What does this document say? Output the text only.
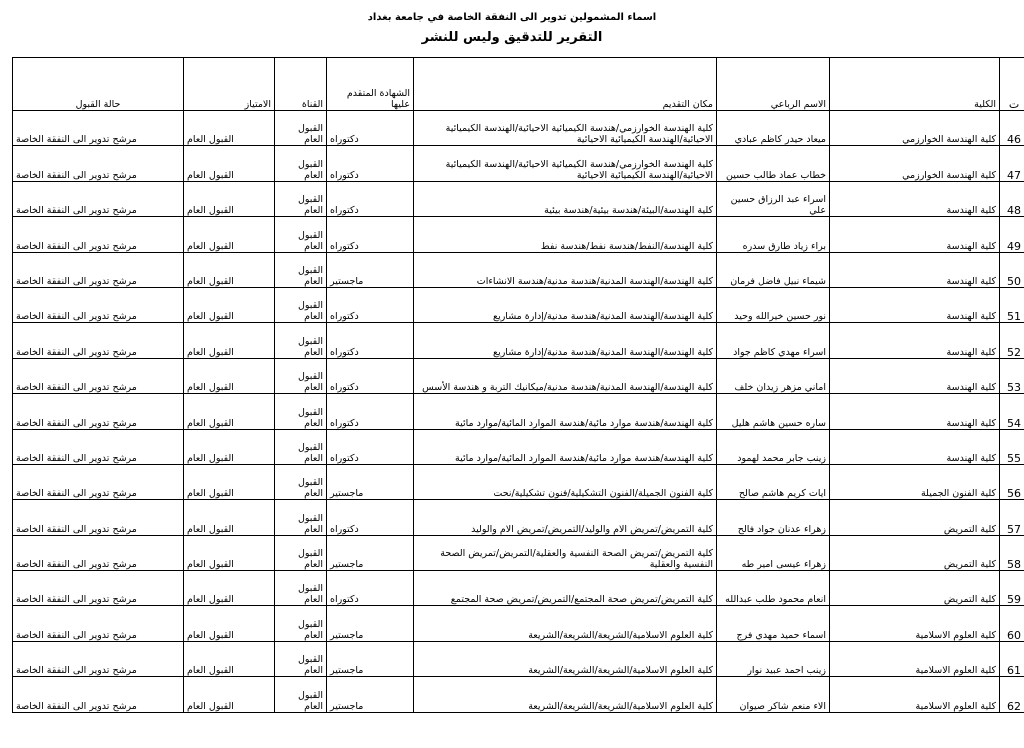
اسماء المشمولين تدوير الى النفقة الخاصة في جامعة بغداد
التقرير للتدقيق وليس للنشر
ت	الكلية	الاسم الرباعي	مكان التقديم	الشهادة المتقدم عليها	القناة	الامتياز	حالة القبول
46	كلية الهندسة الخوارزمي	ميعاد حيدر كاظم عبادي	كلية الهندسة الخوارزمي/هندسة الكيميائية الاحيائية/الهندسة الكيميائية الاحيائية/الهندسة الكيميائية الاحيائية	دكتوراه	القبول العام	القبول العام	مرشح تدوير الى النفقة الخاصة
47	كلية الهندسة الخوارزمي	خطاب عماد طالب حسين	كلية الهندسة الخوارزمي/هندسة الكيميائية الاحيائية/الهندسة الكيميائية الاحيائية/الهندسة الكيميائية الاحيائية	دكتوراه	القبول العام	القبول العام	مرشح تدوير الى النفقة الخاصة
48	كلية الهندسة	اسراء عبد الرزاق حسين علي	كلية الهندسة/البيئة/هندسة بيئية/هندسة بيئية	دكتوراه	القبول العام	القبول العام	مرشح تدوير الى النفقة الخاصة
49	كلية الهندسة	براء زياد طارق سدره	كلية الهندسة/النفط/هندسة نفط/هندسة نفط	دكتوراه	القبول العام	القبول العام	مرشح تدوير الى النفقة الخاصة
50	كلية الهندسة	شيماء نبيل فاضل فرمان	كلية الهندسة/الهندسة المدنية/هندسة مدنية/هندسة الانشاءات	ماجستير	القبول العام	القبول العام	مرشح تدوير الى النفقة الخاصة
51	كلية الهندسة	نور حسين خيرالله وحيد	كلية الهندسة/الهندسة المدنية/هندسة مدنية/إدارة مشاريع	دكتوراه	القبول العام	القبول العام	مرشح تدوير الى النفقة الخاصة
52	كلية الهندسة	اسراء مهدي كاظم جواد	كلية الهندسة/الهندسة المدنية/هندسة مدنية/إدارة مشاريع	دكتوراه	القبول العام	القبول العام	مرشح تدوير الى النفقة الخاصة
53	كلية الهندسة	اماني مزهر زيدان خلف	كلية الهندسة/الهندسة المدنية/هندسة مدنية/ميكانيك التربة و هندسة الأسس	دكتوراه	القبول العام	القبول العام	مرشح تدوير الى النفقة الخاصة
54	كلية الهندسة	ساره حسين هاشم هليل	كلية الهندسة/هندسة موارد مائية/هندسة الموارد المائية/موارد مائية	دكتوراه	القبول العام	القبول العام	مرشح تدوير الى النفقة الخاصة
55	كلية الهندسة	زينب جابر محمد لهمود	كلية الهندسة/هندسة موارد مائية/هندسة الموارد المائية/موارد مائية	دكتوراه	القبول العام	القبول العام	مرشح تدوير الى النفقة الخاصة
56	كلية الفنون الجميلة	ايات كريم هاشم صالح	كلية الفنون الجميلة/الفنون التشكيلية/فنون تشكيلية/نحت	ماجستير	القبول العام	القبول العام	مرشح تدوير الى النفقة الخاصة
57	كلية التمريض	زهراء عدنان جواد فالح	كلية التمريض/تمريض الام والوليد/التمريض/تمريض الام والوليد	دكتوراه	القبول العام	القبول العام	مرشح تدوير الى النفقة الخاصة
58	كلية التمريض	زهراء عيسى امير طه	كلية التمريض/تمريض الصحة النفسية والعقلية/التمريض/تمريض الصحة النفسية والعقلية	ماجستير	القبول العام	القبول العام	مرشح تدوير الى النفقة الخاصة
59	كلية التمريض	انعام محمود طلب عبدالله	كلية التمريض/تمريض صحة المجتمع/التمريض/تمريض صحة المجتمع	دكتوراه	القبول العام	القبول العام	مرشح تدوير الى النفقة الخاصة
60	كلية العلوم الاسلامية	اسماء حميد مهدي فرج	كلية العلوم الاسلامية/الشريعة/الشريعة/الشريعة	ماجستير	القبول العام	القبول العام	مرشح تدوير الى النفقة الخاصة
61	كلية العلوم الاسلامية	زينب احمد عبيد نوار	كلية العلوم الاسلامية/الشريعة/الشريعة/الشريعة	ماجستير	القبول العام	القبول العام	مرشح تدوير الى النفقة الخاصة
62	كلية العلوم الاسلامية	الاء منعم شاكر صيوان	كلية العلوم الاسلامية/الشريعة/الشريعة/الشريعة	ماجستير	القبول العام	القبول العام	مرشح تدوير الى النفقة الخاصة
